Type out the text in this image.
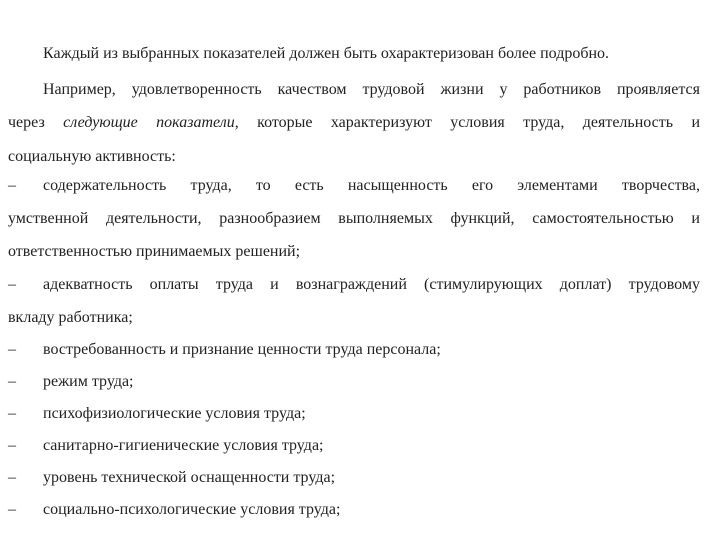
Каждый из выбранных показателей должен быть охарактеризован более подробно.
Например, удовлетворенность качеством трудовой жизни у работников проявляется
через следующие показатели, которые характеризуют условия труда, деятельность и
социальную активность:
– содержательность труда, то есть насыщенность его элементами творчества,
умственной деятельности, разнообразием выполняемых функций, самостоятельностью и
ответственностью принимаемых решений;
– адекватность оплаты труда и вознаграждений (стимулирующих доплат) трудовому
вкладу работника;
– востребованность и признание ценности труда персонала;
– режим труда;
– психофизиологические условия труда;
– санитарно-гигиенические условия труда;
– уровень технической оснащенности труда;
– социально-психологические условия труда;
